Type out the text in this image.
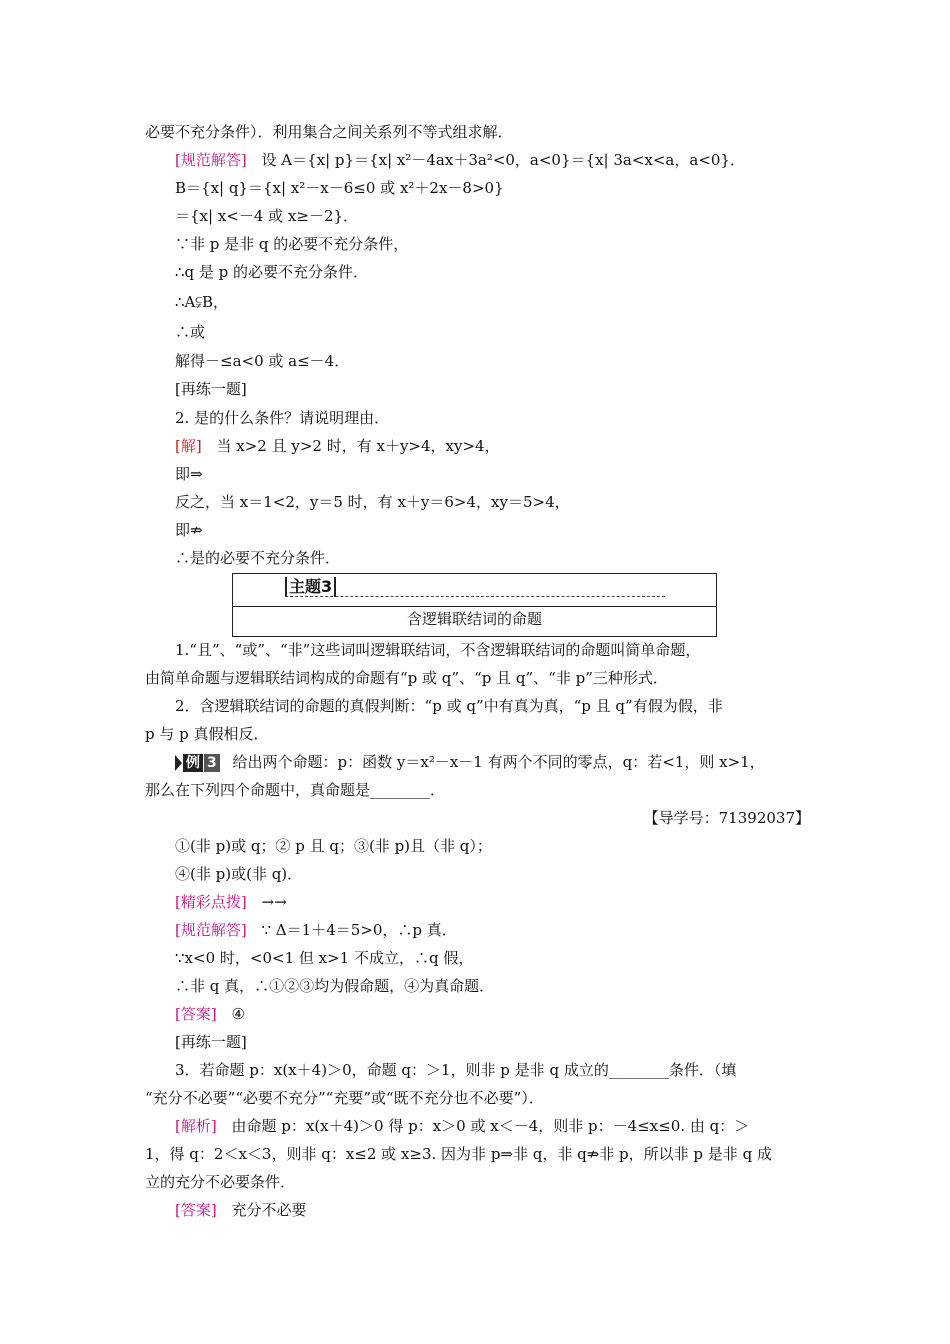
必要不充分条件）．利用集合之间关系列不等式组求解．
[规范解答] 设 A＝{x| p}＝{x| x²－4ax＋3a²<0，a<0}＝{x| 3a<x<a，a<0}．
B＝{x| q}＝{x| x²－x－6≤0 或 x²＋2x－8>0}
＝{x| x<－4 或 x≥－2}．
∵非 p 是非 q 的必要不充分条件，
∴q 是 p 的必要不充分条件．
∴A⫋B，
∴或
解得－≤a<0 或 a≤－4．
[再练一题]
2. 是的什么条件？请说明理由．
[解] 当 x>2 且 y>2 时，有 x＋y>4，xy>4，
即⇒
反之，当 x＝1<2，y＝5 时，有 x＋y＝6>4，xy＝5>4，
即⇏
∴是的必要不充分条件．
主题3
含逻辑联结词的命题
1.“且”、“或”、“非”这些词叫逻辑联结词，不含逻辑联结词的命题叫简单命题，
由简单命题与逻辑联结词构成的命题有“p 或 q”、“p 且 q”、“非 p”三种形式．
2．含逻辑联结词的命题的真假判断：“p 或 q”中有真为真，“p 且 q”有假为假，非
p 与 p 真假相反．
例 3 给出两个命题：p：函数 y＝x²－x－1 有两个不同的零点，q：若<1，则 x>1，
那么在下列四个命题中，真命题是________．
【导学号：71392037】
①(非 p)或 q；② p 且 q；③(非 p)且（非 q）；
④(非 p)或(非 q)．
[精彩点拨] →→
[规范解答] ∵ Δ＝1＋4＝5>0，∴p 真．
∵x<0 时，<0<1 但 x>1 不成立，∴q 假，
∴非 q 真，∴①②③均为假命题，④为真命题．
[答案] ④
[再练一题]
3．若命题 p：x(x＋4)＞0，命题 q：＞1，则非 p 是非 q 成立的________条件．（填
“充分不必要”“必要不充分”“充要”或“既不充分也不必要”）．
[解析] 由命题 p：x(x＋4)＞0 得 p：x＞0 或 x＜－4，则非 p：－4≤x≤0. 由 q：＞
1，得 q：2＜x＜3，则非 q：x≤2 或 x≥3. 因为非 p⇒非 q，非 q⇏非 p，所以非 p 是非 q 成
立的充分不必要条件．
[答案] 充分不必要
